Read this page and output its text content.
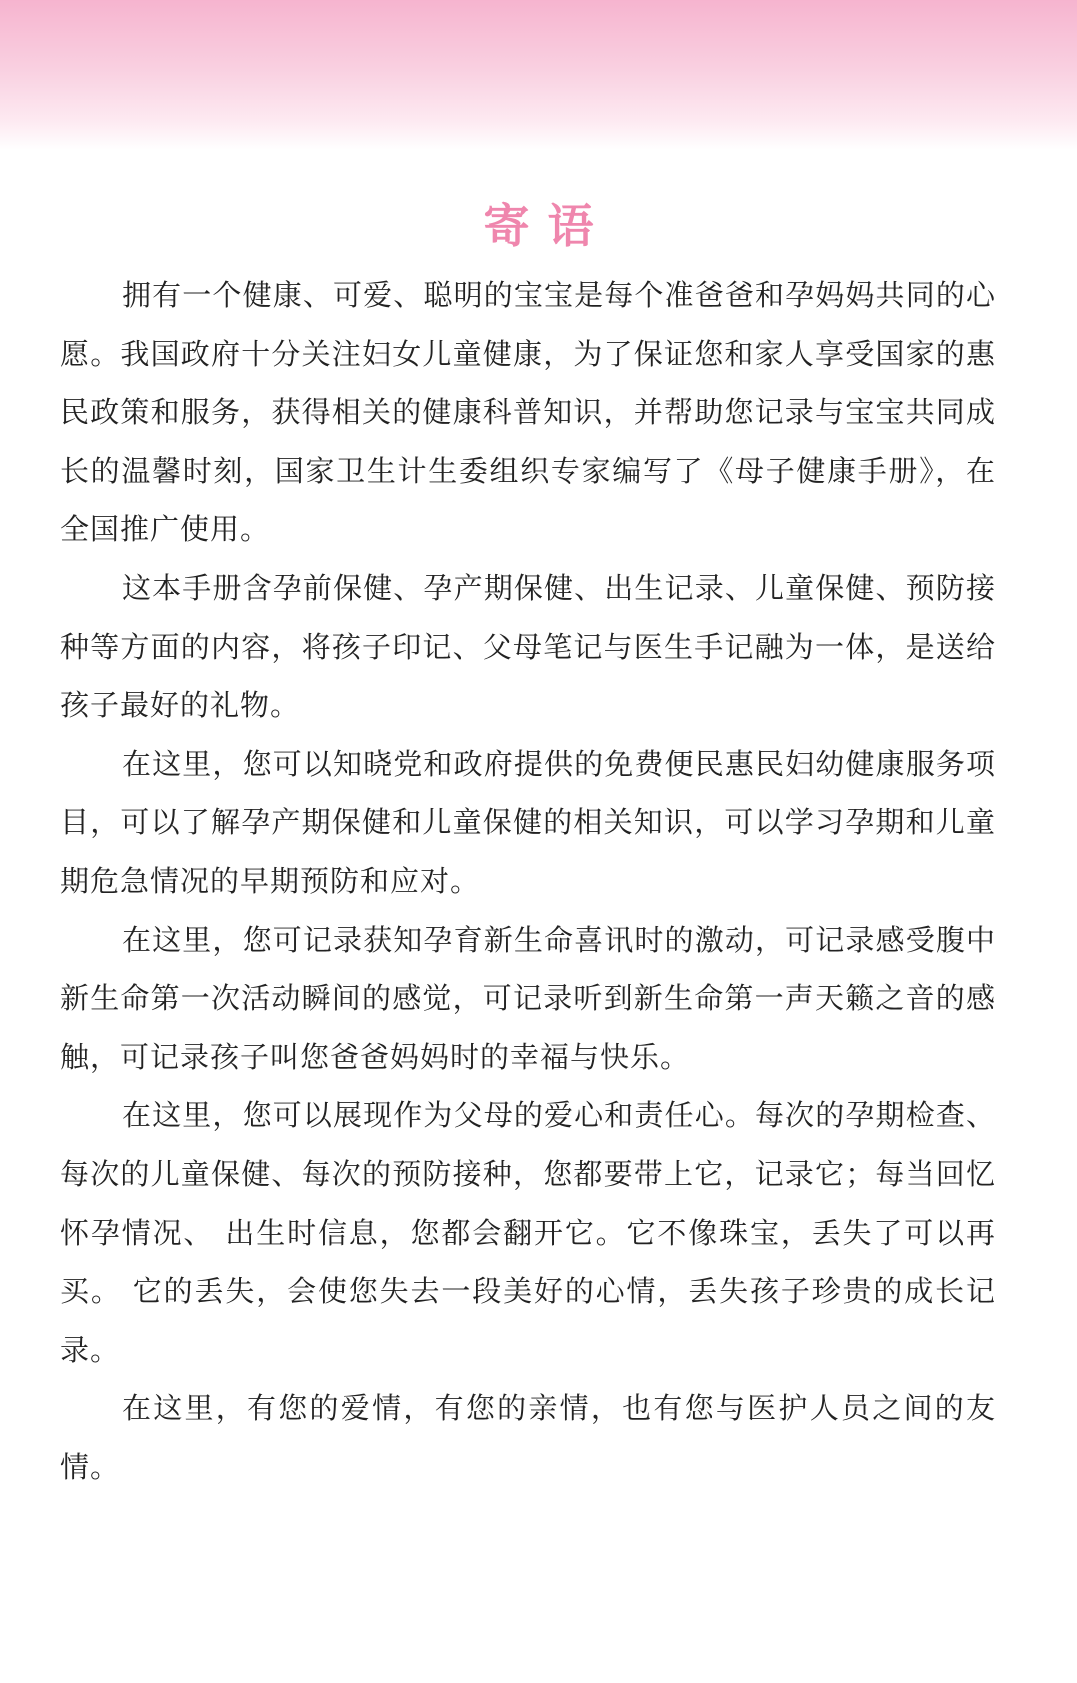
寄语

拥有一个健康、可爱、聪明的宝宝是每个准爸爸和孕妈妈共同的心愿。我国政府十分关注妇女儿童健康，为了保证您和家人享受国家的惠民政策和服务，获得相关的健康科普知识，并帮助您记录与宝宝共同成长的温馨时刻，国家卫生计生委组织专家编写了《母子健康手册》，在全国推广使用。

这本手册含孕前保健、孕产期保健、出生记录、儿童保健、预防接种等方面的内容，将孩子印记、父母笔记与医生手记融为一体，是送给孩子最好的礼物。

在这里，您可以知晓党和政府提供的免费便民惠民妇幼健康服务项目，可以了解孕产期保健和儿童保健的相关知识，可以学习孕期和儿童期危急情况的早期预防和应对。

在这里，您可记录获知孕育新生命喜讯时的激动，可记录感受腹中新生命第一次活动瞬间的感觉，可记录听到新生命第一声天籁之音的感触，可记录孩子叫您爸爸妈妈时的幸福与快乐。

在这里，您可以展现作为父母的爱心和责任心。每次的孕期检查、每次的儿童保健、每次的预防接种，您都要带上它，记录它；每当回忆怀孕情况、 出生时信息，您都会翻开它。它不像珠宝，丢失了可以再买。 它的丢失，会使您失去一段美好的心情，丢失孩子珍贵的成长记录。

在这里，有您的爱情，有您的亲情，也有您与医护人员之间的友情。
